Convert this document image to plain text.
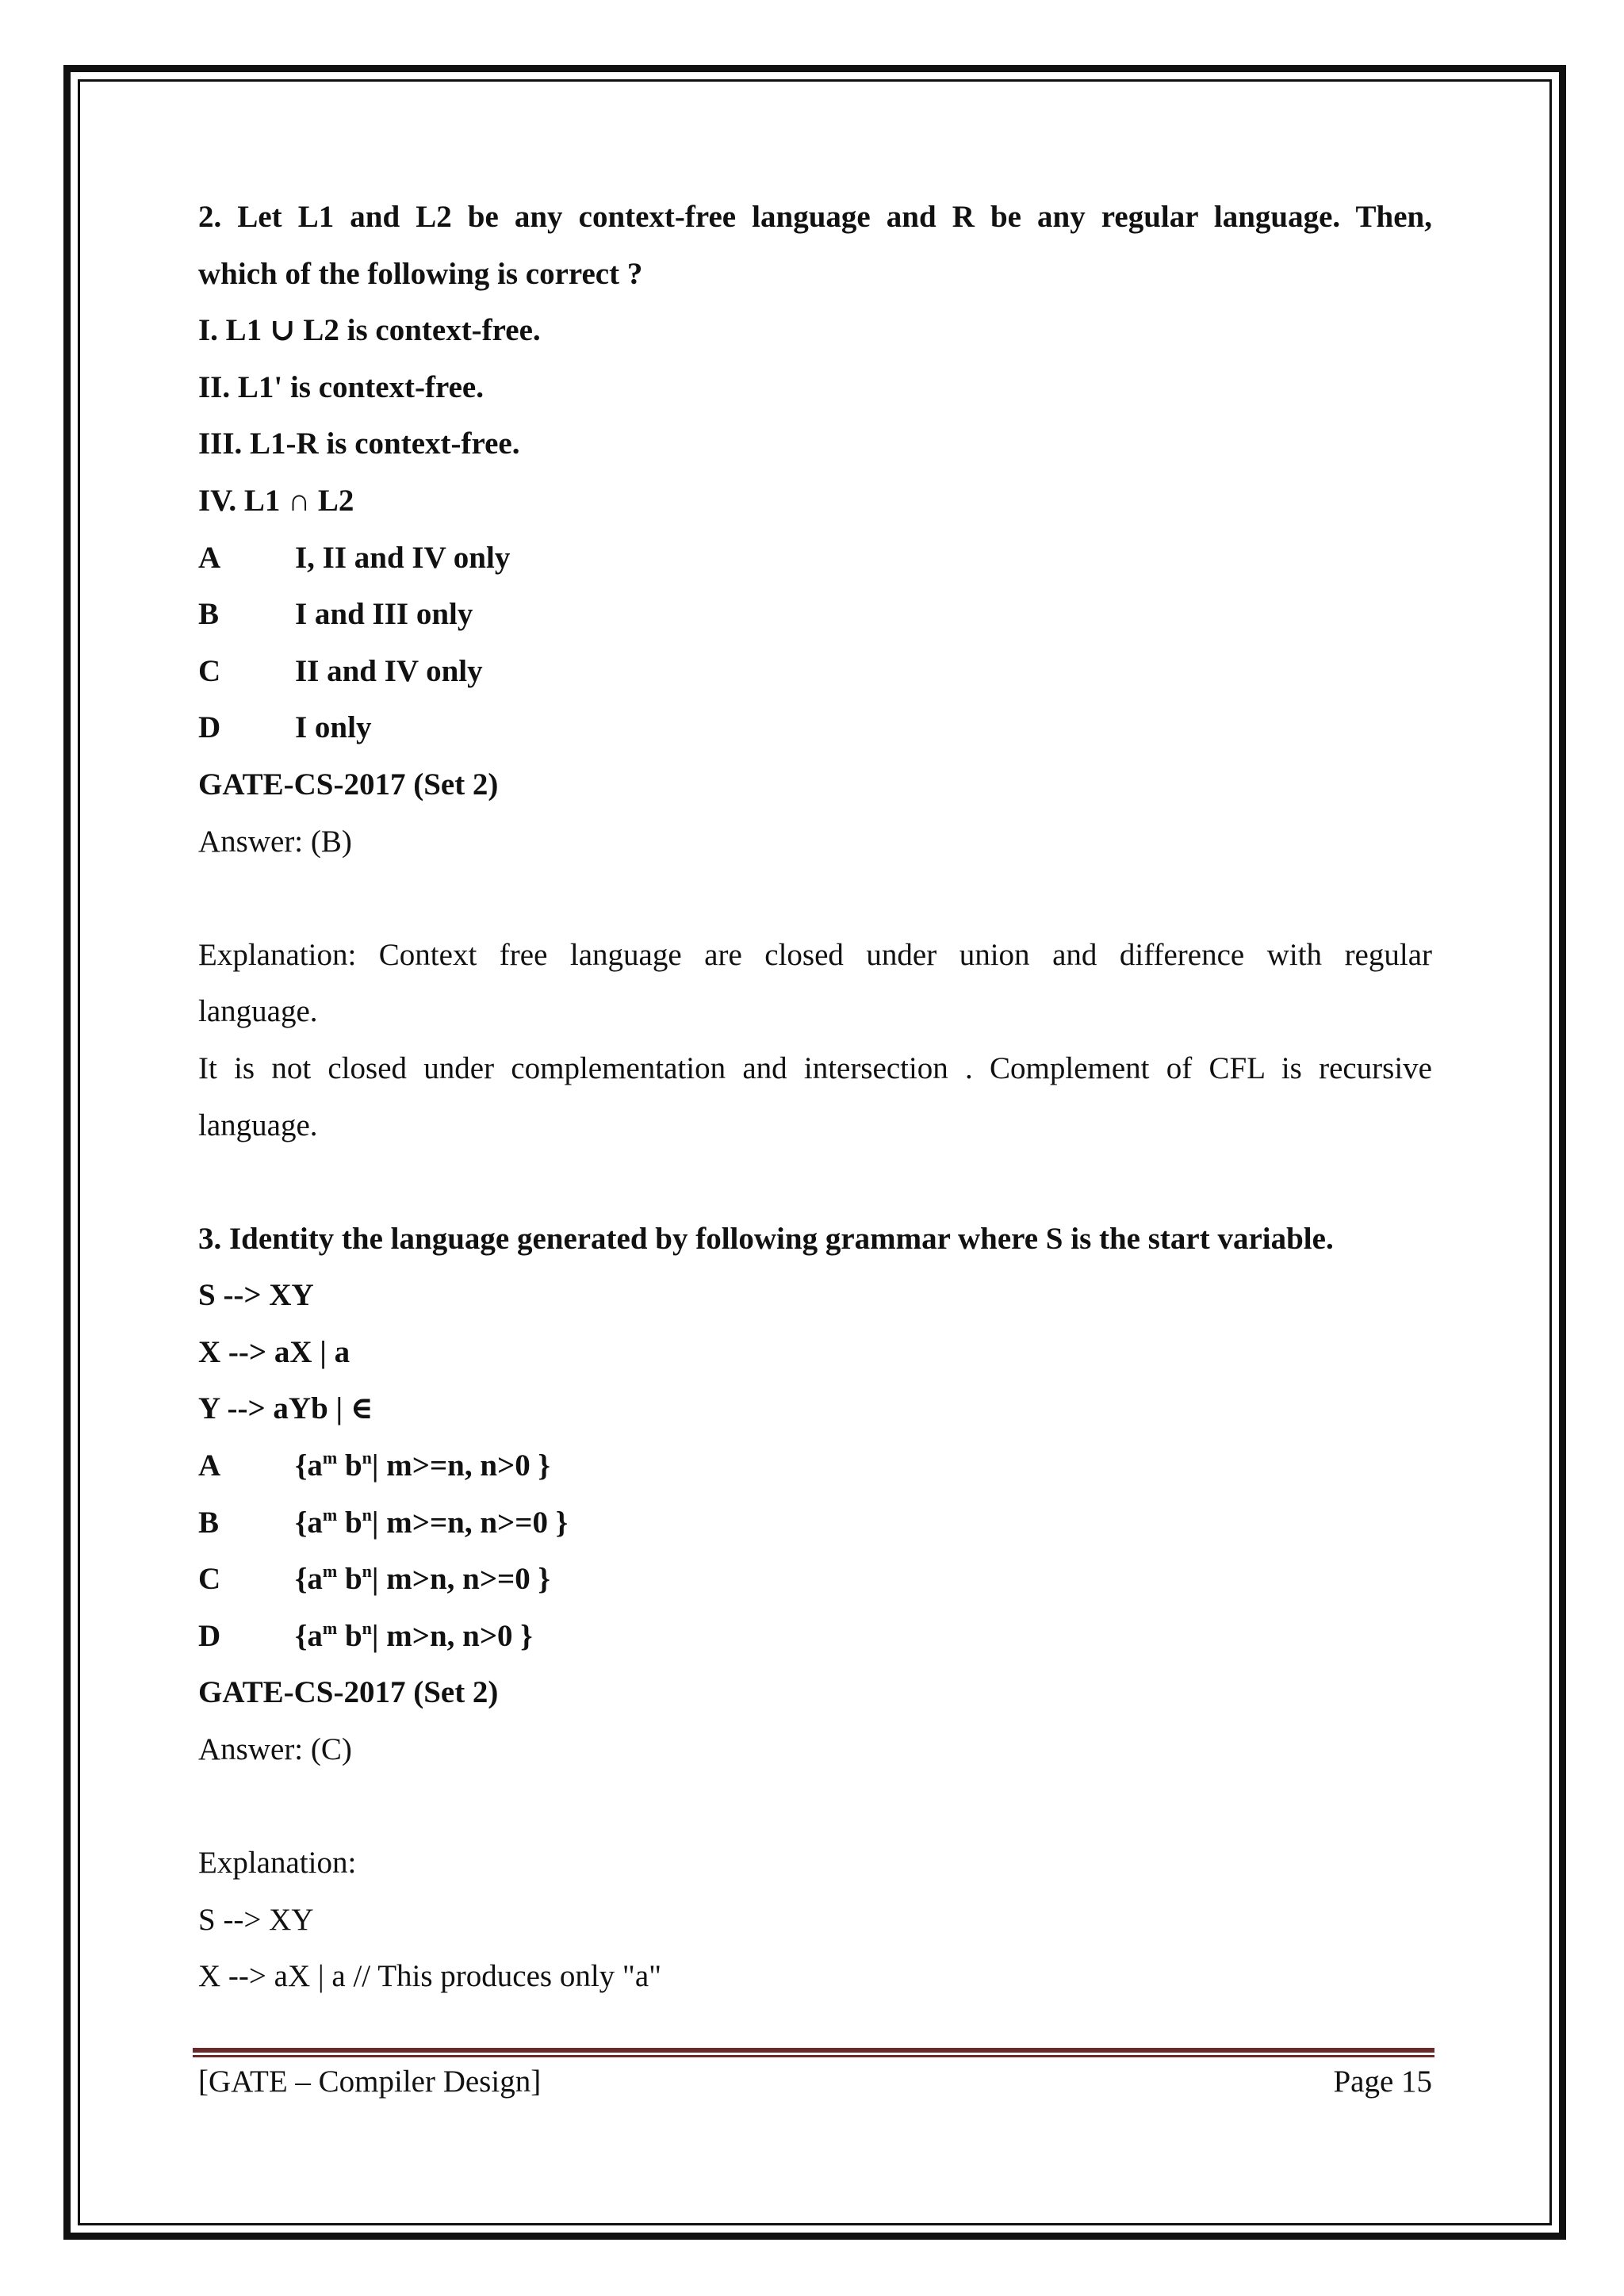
2. Let L1 and L2 be any context-free language and R be any regular language. Then,
which of the following is correct ?
I. L1 ∪ L2 is context-free.
II. L1' is context-free.
III. L1-R is context-free.
IV. L1 ∩ L2
A I, II and IV only
B I and III only
C II and IV only
D I only
GATE-CS-2017 (Set 2)
Answer: (B)
Explanation: Context free language are closed under union and difference with regular
language.
It is not closed under complementation and intersection . Complement of CFL is recursive
language.
3. Identity the language generated by following grammar where S is the start variable.
S --> XY
X --> aX | a
Y --> aYb | ∈
A {$a^m$ $b^n|$ m>=n, n>0 }
B {$a^m$ $b^n|$ m>=n, n>=0 }
C {$a^m$ $b^n|$ m>n, n>=0 }
D {$a^m$ $b^n|$ m>n, n>0 }
GATE-CS-2017 (Set 2)
Answer: (C)
Explanation:
S --> XY
X --> aX | a // This produces only "a"
[GATE – Compiler Design]	Page 15
